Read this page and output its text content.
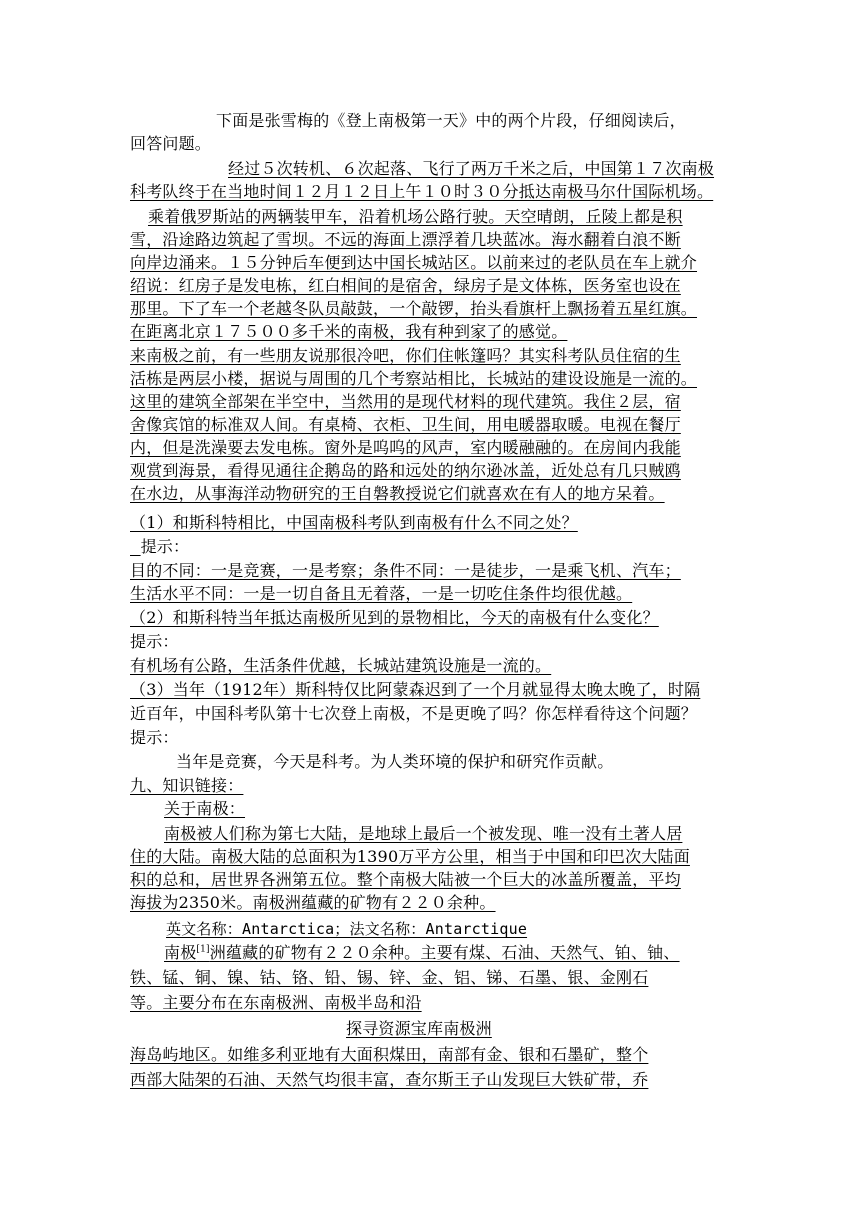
下面是张雪梅的《登上南极第一天》中的两个片段，仔细阅读后，
回答问题。
经过５次转机、６次起落、飞行了两万千米之后，中国第１７次南极
科考队终于在当地时间１２月１２日上午１０时３０分抵达南极马尔什国际机场。
乘着俄罗斯站的两辆装甲车，沿着机场公路行驶。天空晴朗，丘陵上都是积
雪，沿途路边筑起了雪坝。不远的海面上漂浮着几块蓝冰。海水翻着白浪不断
向岸边涌来。１５分钟后车便到达中国长城站区。以前来过的老队员在车上就介
绍说：红房子是发电栋，红白相间的是宿舍，绿房子是文体栋，医务室也设在
那里。下了车一个老越冬队员敲鼓，一个敲锣，抬头看旗杆上飘扬着五星红旗。
在距离北京１７５００多千米的南极，我有种到家了的感觉。
来南极之前，有一些朋友说那很冷吧，你们住帐篷吗？其实科考队员住宿的生
活栋是两层小楼，据说与周围的几个考察站相比，长城站的建设设施是一流的。
这里的建筑全部架在半空中，当然用的是现代材料的现代建筑。我住２层，宿
舍像宾馆的标准双人间。有桌椅、衣柜、卫生间，用电暖器取暖。电视在餐厅
内，但是洗澡要去发电栋。窗外是呜呜的风声，室内暖融融的。在房间内我能
观赏到海景，看得见通往企鹅岛的路和远处的纳尔逊冰盖，近处总有几只贼鸥
在水边，从事海洋动物研究的王自磐教授说它们就喜欢在有人的地方呆着。
（1）和斯科特相比，中国南极科考队到南极有什么不同之处？
提示：
目的不同：一是竞赛，一是考察；条件不同：一是徒步，一是乘飞机、汽车；
生活水平不同：一是一切自备且无着落，一是一切吃住条件均很优越。
（2）和斯科特当年抵达南极所见到的景物相比，今天的南极有什么变化？
提示：
有机场有公路，生活条件优越，长城站建筑设施是一流的。
（3）当年（1912年）斯科特仅比阿蒙森迟到了一个月就显得太晚太晚了，时隔
近百年，中国科考队第十七次登上南极，不是更晚了吗？你怎样看待这个问题？
提示：
当年是竞赛，今天是科考。为人类环境的保护和研究作贡献。
九、知识链接：
关于南极：
南极被人们称为第七大陆，是地球上最后一个被发现、唯一没有土著人居
住的大陆。南极大陆的总面积为1390万平方公里，相当于中国和印巴次大陆面
积的总和，居世界各洲第五位。整个南极大陆被一个巨大的冰盖所覆盖，平均
海拔为2350米。南极洲蕴藏的矿物有２２０余种。
英文名称：Antarctica；法文名称：Antarctique
南极[1]洲蕴藏的矿物有２２０余种。主要有煤、石油、天然气、铂、铀、
铁、锰、铜、镍、钴、铬、铅、锡、锌、金、铝、锑、石墨、银、金刚石
等。主要分布在东南极洲、南极半岛和沿
探寻资源宝库南极洲
海岛屿地区。如维多利亚地有大面积煤田，南部有金、银和石墨矿，整个
西部大陆架的石油、天然气均很丰富，查尔斯王子山发现巨大铁矿带，乔
